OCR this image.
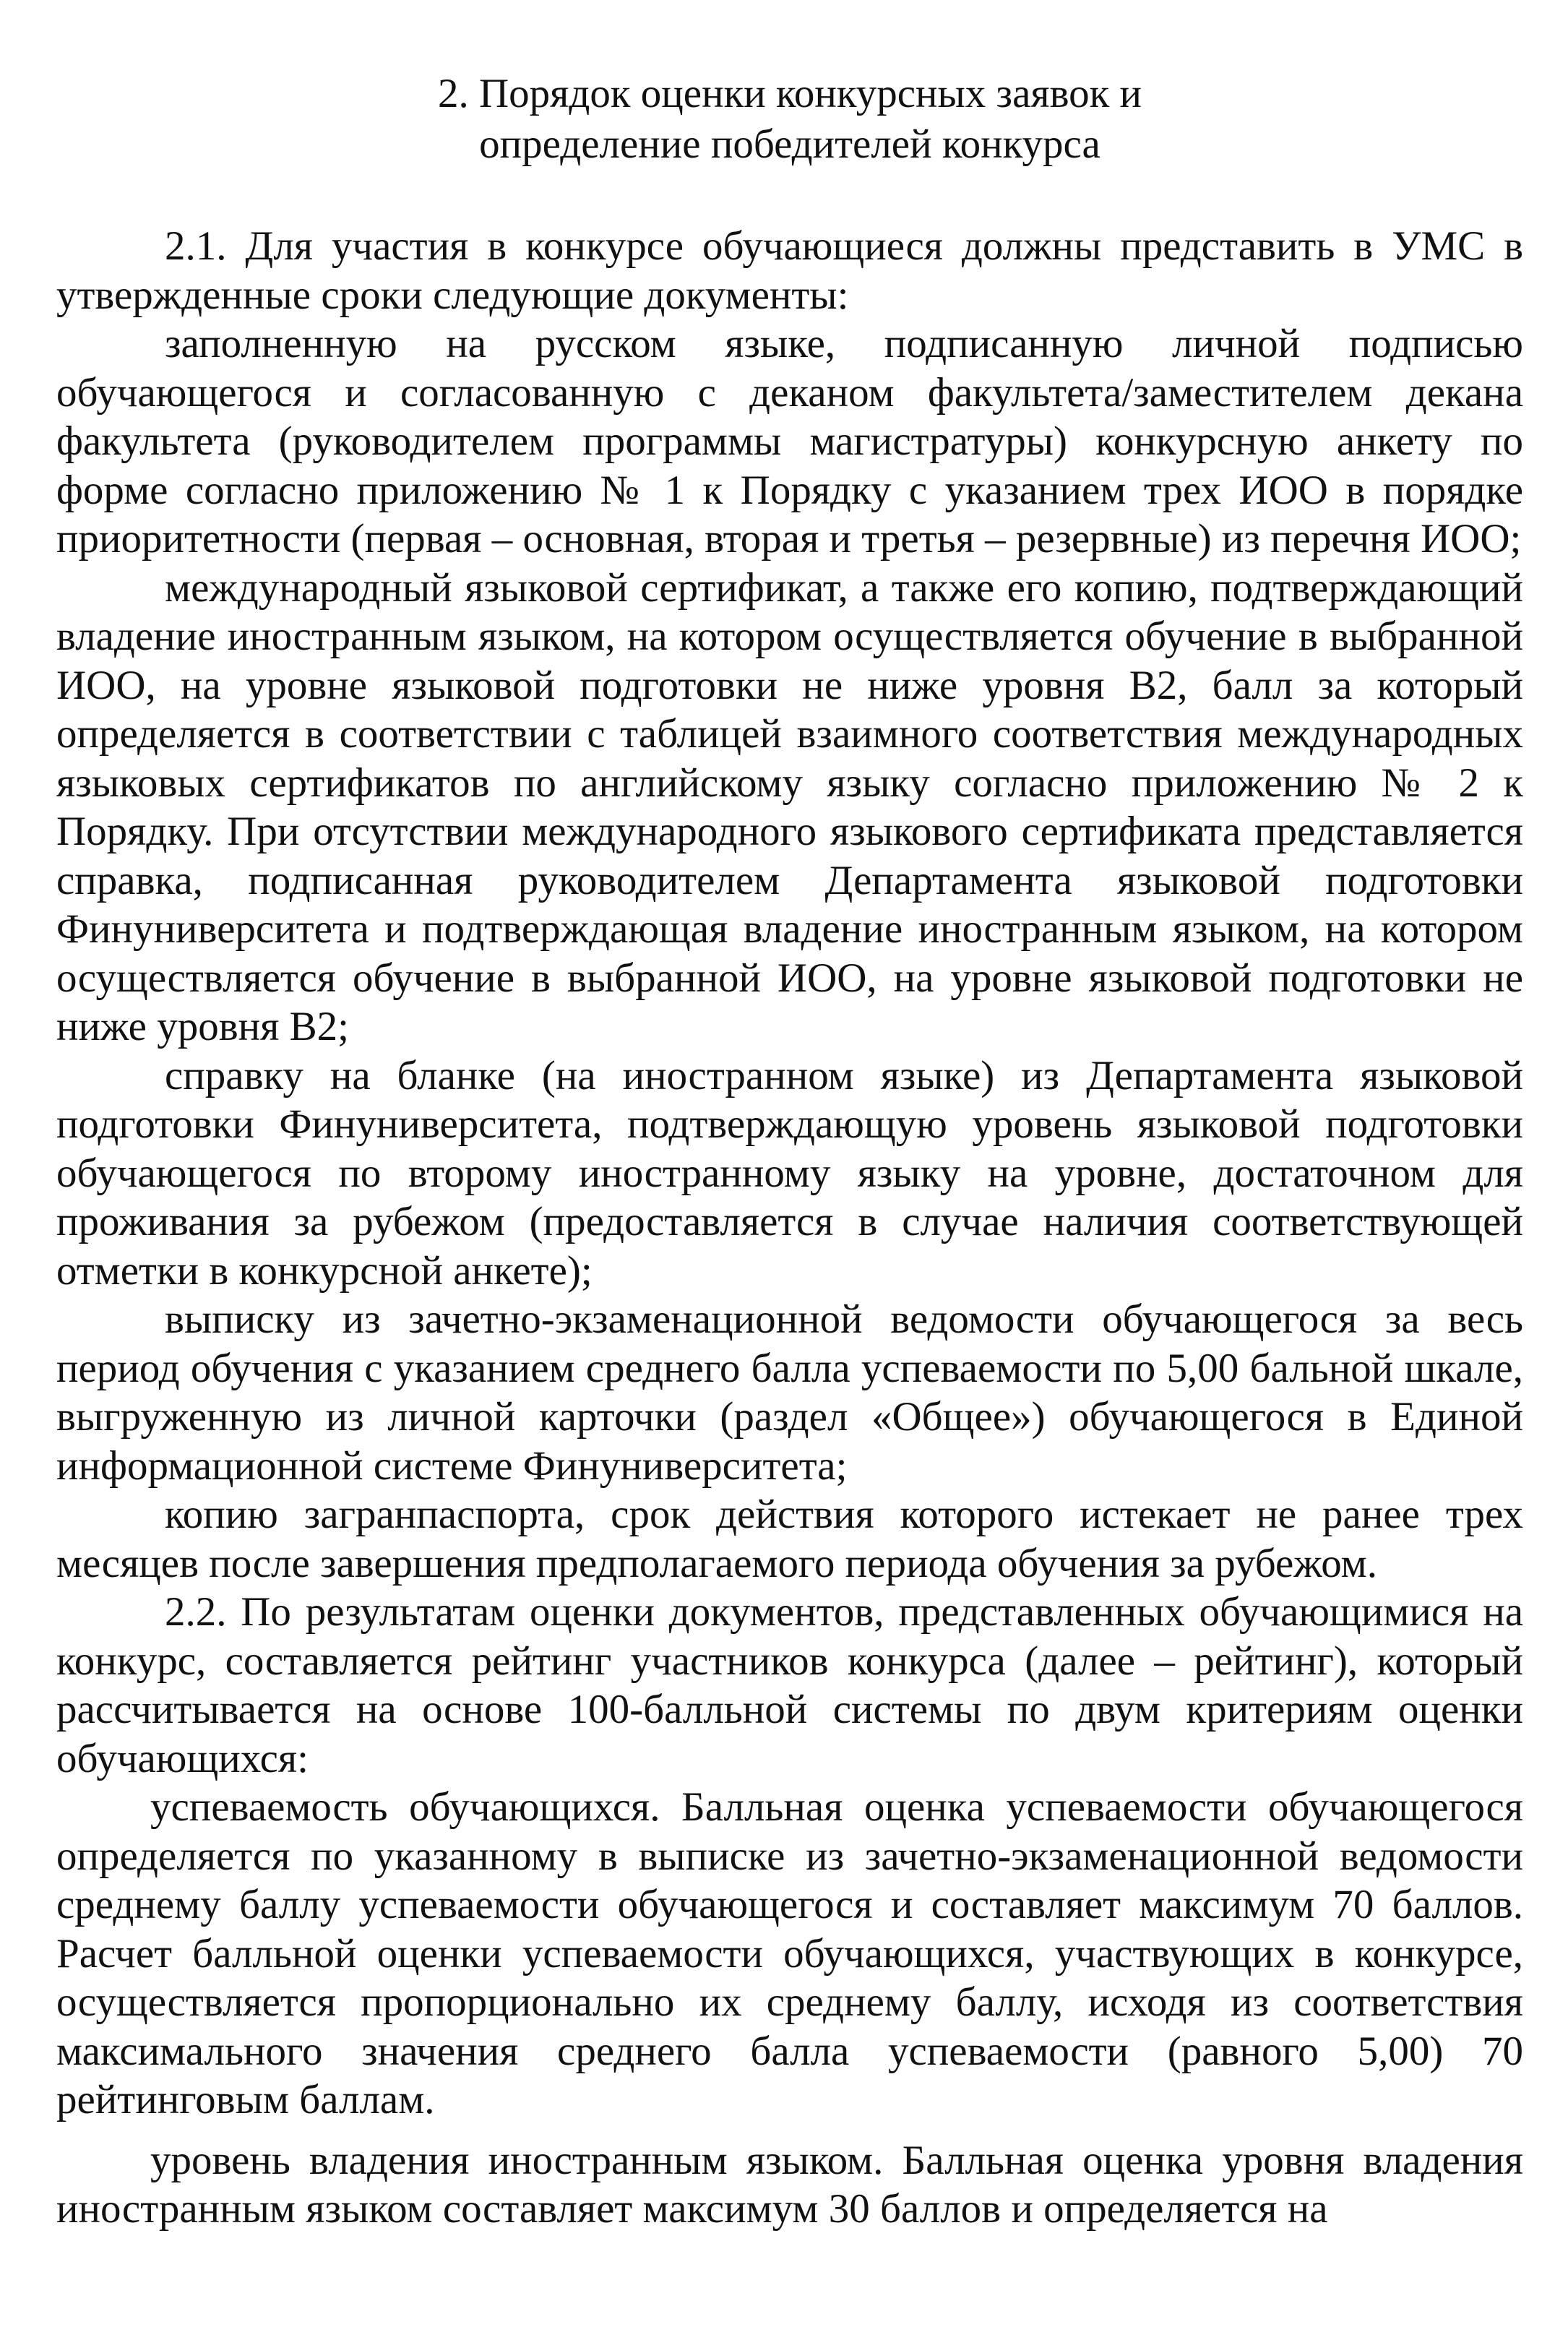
2. Порядок оценки конкурсных заявок и
определение победителей конкурса

2.1. Для участия в конкурсе обучающиеся должны представить в УМС в утвержденные сроки следующие документы:

заполненную на русском языке, подписанную личной подписью обучающегося и согласованную с деканом факультета/заместителем декана факультета (руководителем программы магистратуры) конкурсную анкету по форме согласно приложению № 1 к Порядку с указанием трех ИОО в порядке приоритетности (первая – основная, вторая и третья – резервные) из перечня ИОО;

международный языковой сертификат, а также его копию, подтверждающий владение иностранным языком, на котором осуществляется обучение в выбранной ИОО, на уровне языковой подготовки не ниже уровня B2, балл за который определяется в соответствии с таблицей взаимного соответствия международных языковых сертификатов по английскому языку согласно приложению № 2 к Порядку. При отсутствии международного языкового сертификата представляется справка, подписанная руководителем Департамента языковой подготовки Финуниверситета и подтверждающая владение иностранным языком, на котором осуществляется обучение в выбранной ИОО, на уровне языковой подготовки не ниже уровня B2;

справку на бланке (на иностранном языке) из Департамента языковой подготовки Финуниверситета, подтверждающую уровень языковой подготовки обучающегося по второму иностранному языку на уровне, достаточном для проживания за рубежом (предоставляется в случае наличия соответствующей отметки в конкурсной анкете);

выписку из зачетно-экзаменационной ведомости обучающегося за весь период обучения с указанием среднего балла успеваемости по 5,00 бальной шкале, выгруженную из личной карточки (раздел «Общее») обучающегося в Единой информационной системе Финуниверситета;

копию загранпаспорта, срок действия которого истекает не ранее трех месяцев после завершения предполагаемого периода обучения за рубежом.

2.2. По результатам оценки документов, представленных обучающимися на конкурс, составляется рейтинг участников конкурса (далее – рейтинг), который рассчитывается на основе 100-балльной системы по двум критериям оценки обучающихся:

успеваемость обучающихся. Балльная оценка успеваемости обучающегося определяется по указанному в выписке из зачетно-экзаменационной ведомости среднему баллу успеваемости обучающегося и составляет максимум 70 баллов. Расчет балльной оценки успеваемости обучающихся, участвующих в конкурсе, осуществляется пропорционально их среднему баллу, исходя из соответствия максимального значения среднего балла успеваемости (равного 5,00) 70 рейтинговым баллам.

уровень владения иностранным языком. Балльная оценка уровня владения иностранным языком составляет максимум 30 баллов и определяется на
